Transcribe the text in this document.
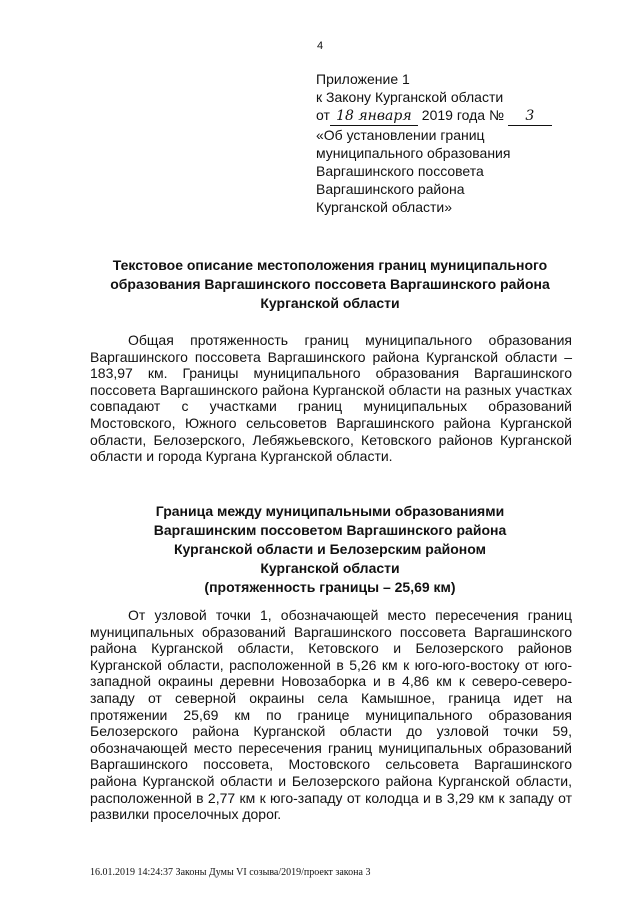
4
Приложение 1
к Закону Курганской области
от 18 января 2019 года № 3
«Об установлении границ
муниципального образования
Варгашинского поссовета
Варгашинского района
Курганской области»
Текстовое описание местоположения границ муниципального
образования Варгашинского поссовета Варгашинского района
Курганской области
Общая протяженность границ муниципального образования Варгашинского поссовета Варгашинского района Курганской области – 183,97 км. Границы муниципального образования Варгашинского поссовета Варгашинского района Курганской области на разных участках совпадают с участками границ муниципальных образований Мостовского, Южного сельсоветов Варгашинского района Курганской области, Белозерского, Лебяжьевского, Кетовского районов Курганской области и города Кургана Курганской области.
Граница между муниципальными образованиями
Варгашинским поссоветом Варгашинского района
Курганской области и Белозерским районом
Курганской области
(протяженность границы – 25,69 км)
От узловой точки 1, обозначающей место пересечения границ муниципальных образований Варгашинского поссовета Варгашинского района Курганской области, Кетовского и Белозерского районов Курганской области, расположенной в 5,26 км к юго-юго-востоку от юго-западной окраины деревни Новозаборка и в 4,86 км к северо-северо-западу от северной окраины села Камышное, граница идет на протяжении 25,69 км по границе муниципального образования Белозерского района Курганской области до узловой точки 59, обозначающей место пересечения границ муниципальных образований Варгашинского поссовета, Мостовского сельсовета Варгашинского района Курганской области и Белозерского района Курганской области, расположенной в 2,77 км к юго-западу от колодца и в 3,29 км к западу от развилки проселочных дорог.
16.01.2019 14:24:37 Законы Думы VI созыва/2019/проект закона 3
